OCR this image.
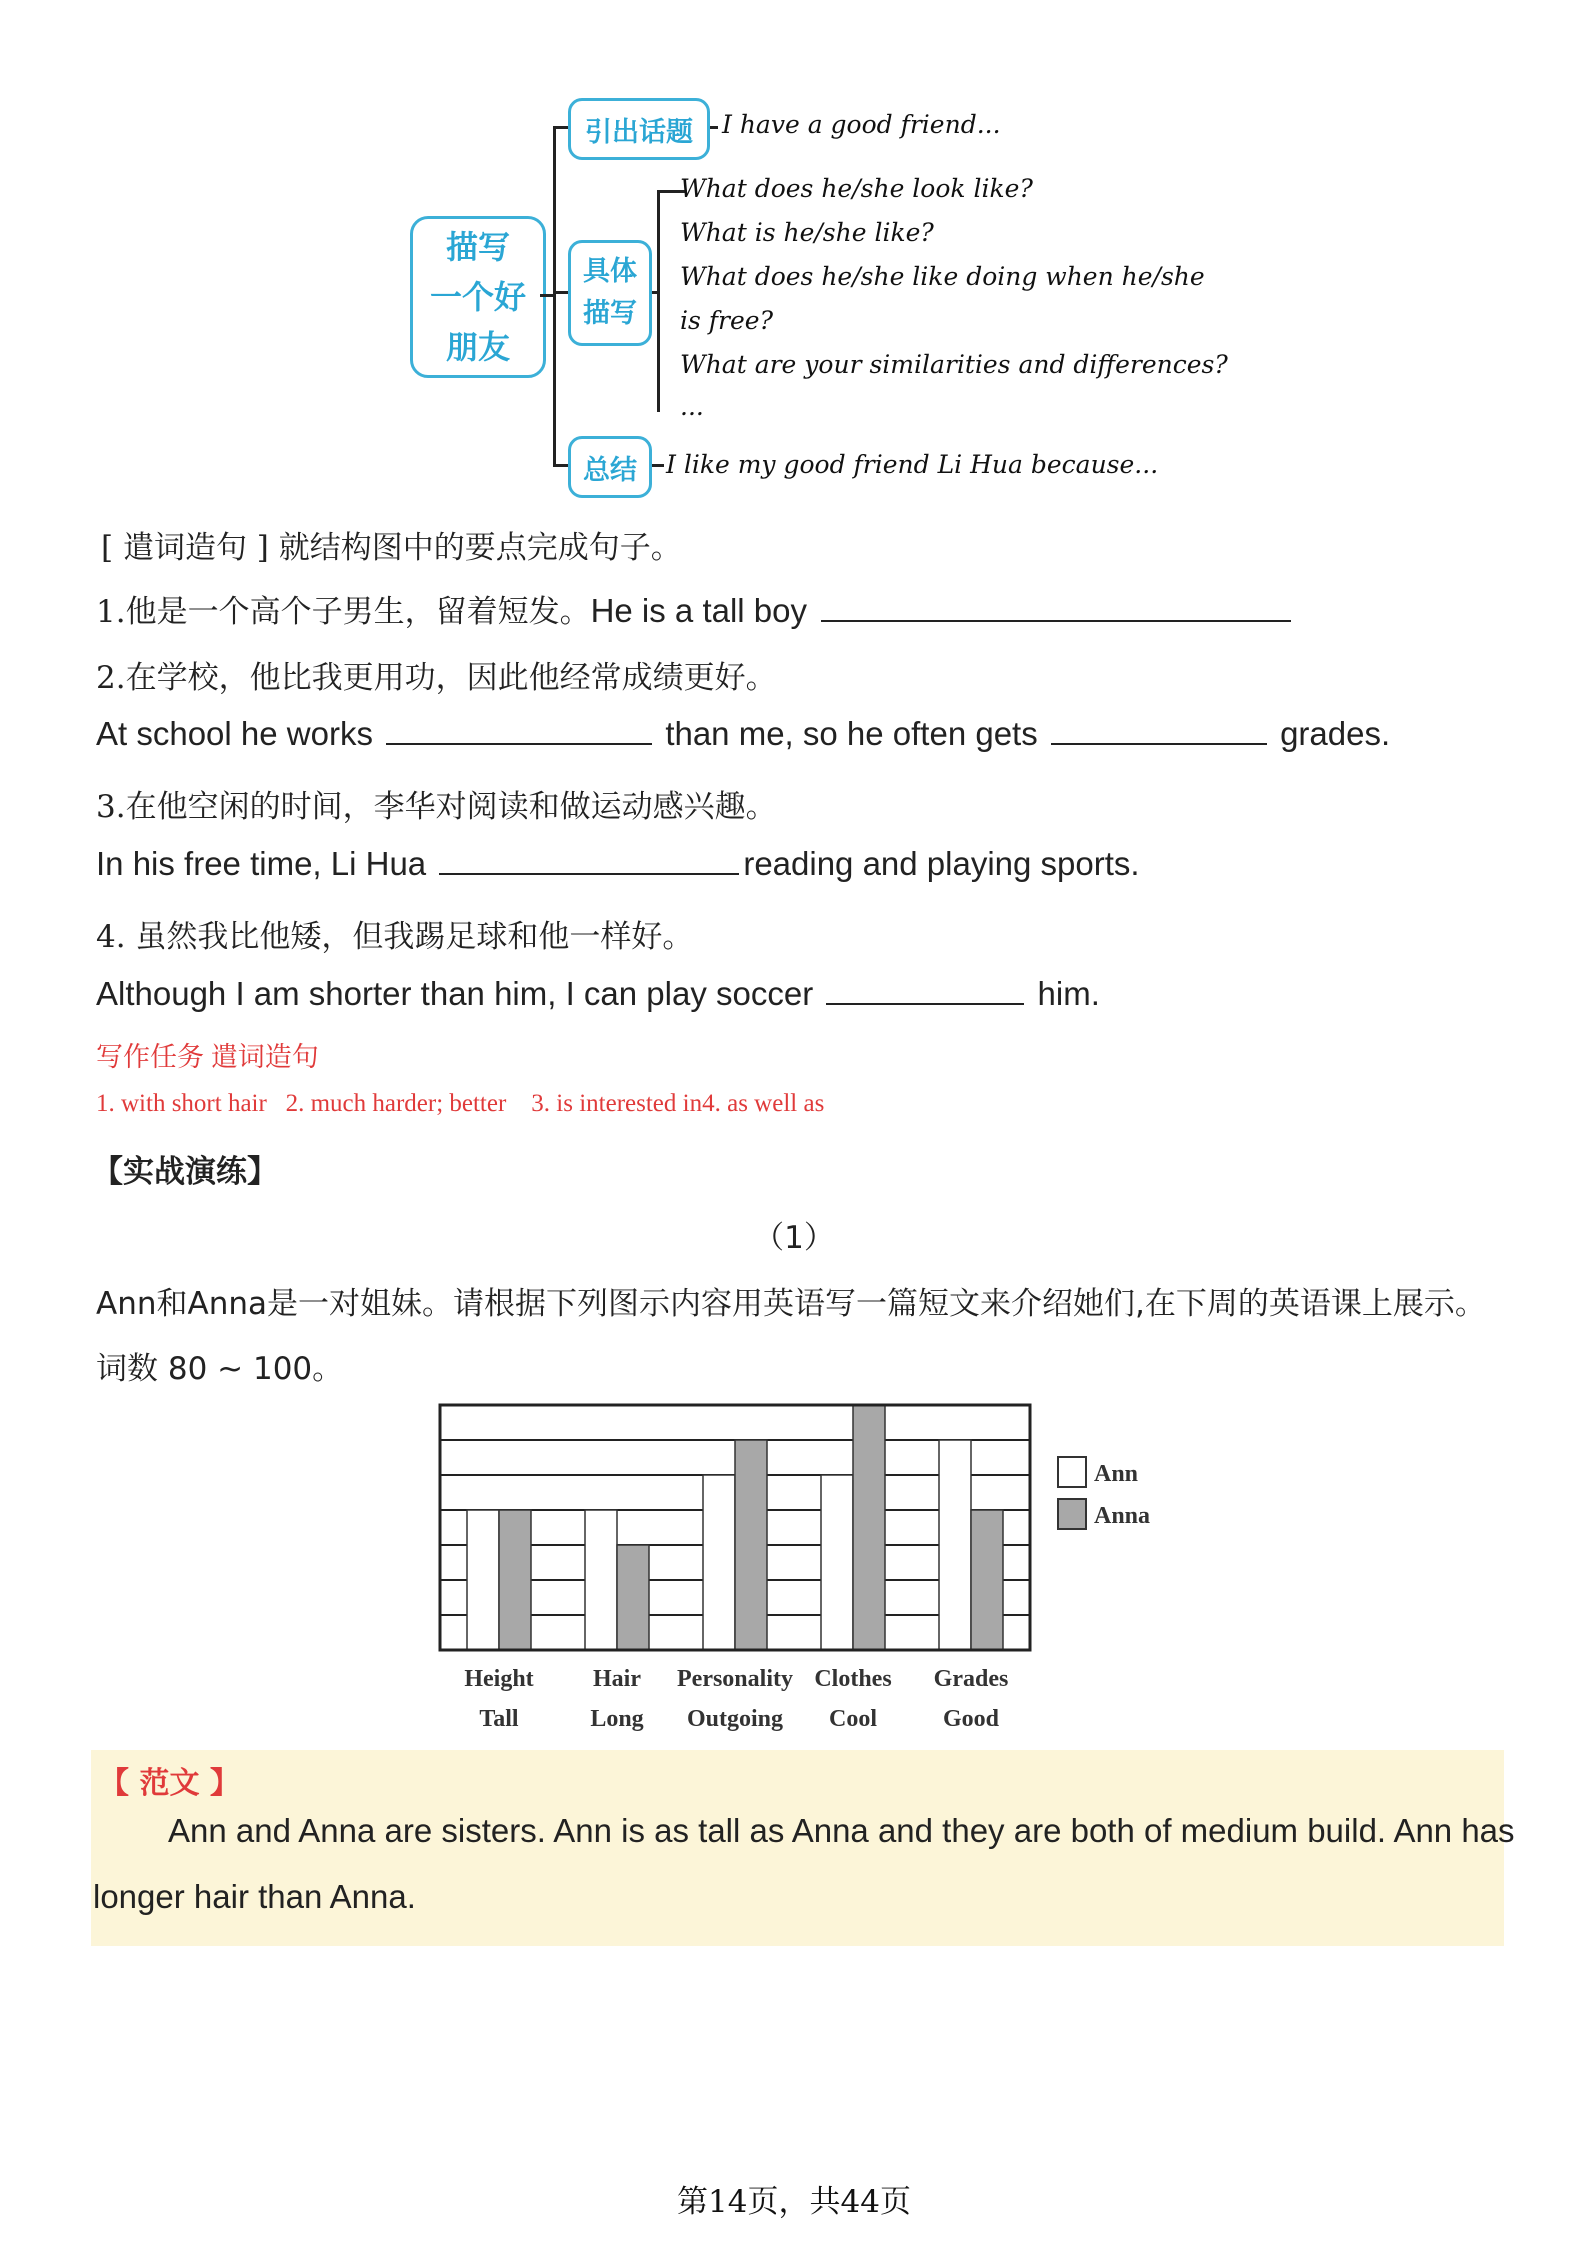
描写
一个好
朋友
引出话题	I have a good friend...
具体
描写
What does he/she look like?
What is he/she like?
What does he/she like doing when he/she
is free?
What are your similarities and differences?
...
总结	I like my good friend Li Hua because...
[ 遣词造句 ] 就结构图中的要点完成句子。
1.他是一个高个子男生，留着短发。He is a tall boy
2.在学校，他比我更用功，因此他经常成绩更好。
At school he works	than me, so he often gets	grades.
3.在他空闲的时间，李华对阅读和做运动感兴趣。
In his free time, Li Hua	reading and playing sports.
4. 虽然我比他矮，但我踢足球和他一样好。
Although I am shorter than him, I can play soccer	him.
写作任务 遣词造句
1. with short hair   2. much harder; better    3. is interested in4. as well as
【实战演练】
（1）
Ann和Anna是一对姐妹。请根据下列图示内容用英语写一篇短文来介绍她们,在下周的英语课上展示。
词数 80 ~ 100。
Height
Tall
Hair
Long
Personality
Outgoing
Clothes
Cool
Grades
Good
Ann
Anna
【 范文 】
Ann and Anna are sisters. Ann is as tall as Anna and they are both of medium build. Ann has
longer hair than Anna.
第14页，共44页
